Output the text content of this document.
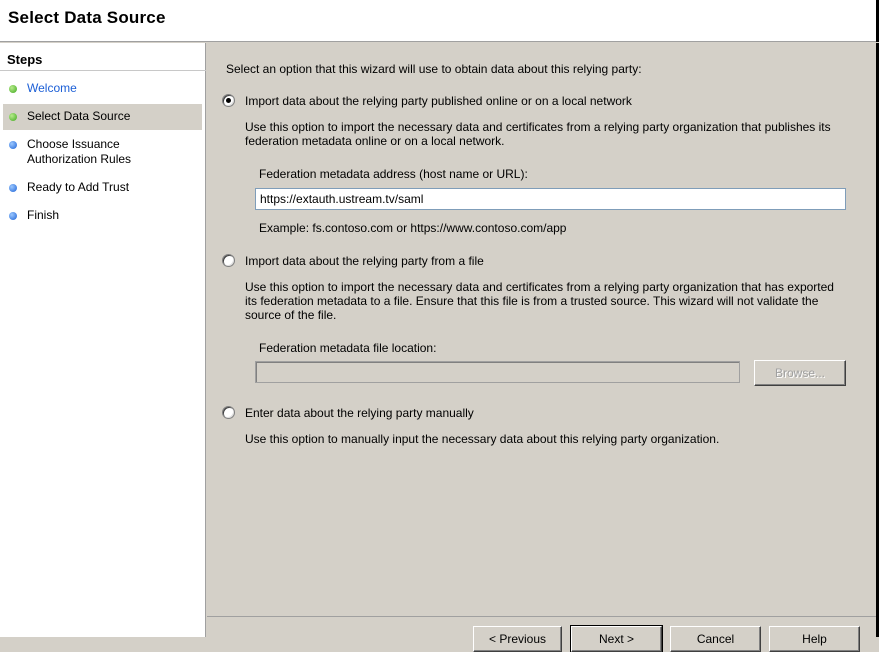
Select Data Source
Steps
Welcome
Select Data Source
Choose Issuance
Authorization Rules
Ready to Add Trust
Finish
Select an option that this wizard will use to obtain data about this relying party:
Import data about the relying party published online or on a local network
Use this option to import the necessary data and certificates from a relying party organization that publishes its federation metadata online or on a local network.
Federation metadata address (host name or URL):
https://extauth.ustream.tv/saml
Example: fs.contoso.com or https://www.contoso.com/app
Import data about the relying party from a file
Use this option to import the necessary data and certificates from a relying party organization that has exported its federation metadata to a file. Ensure that this file is from a trusted source. This wizard will not validate the source of the file.
Federation metadata file location:
Browse...
Enter data about the relying party manually
Use this option to manually input the necessary data about this relying party organization.
< Previous	Next >	Cancel	Help
